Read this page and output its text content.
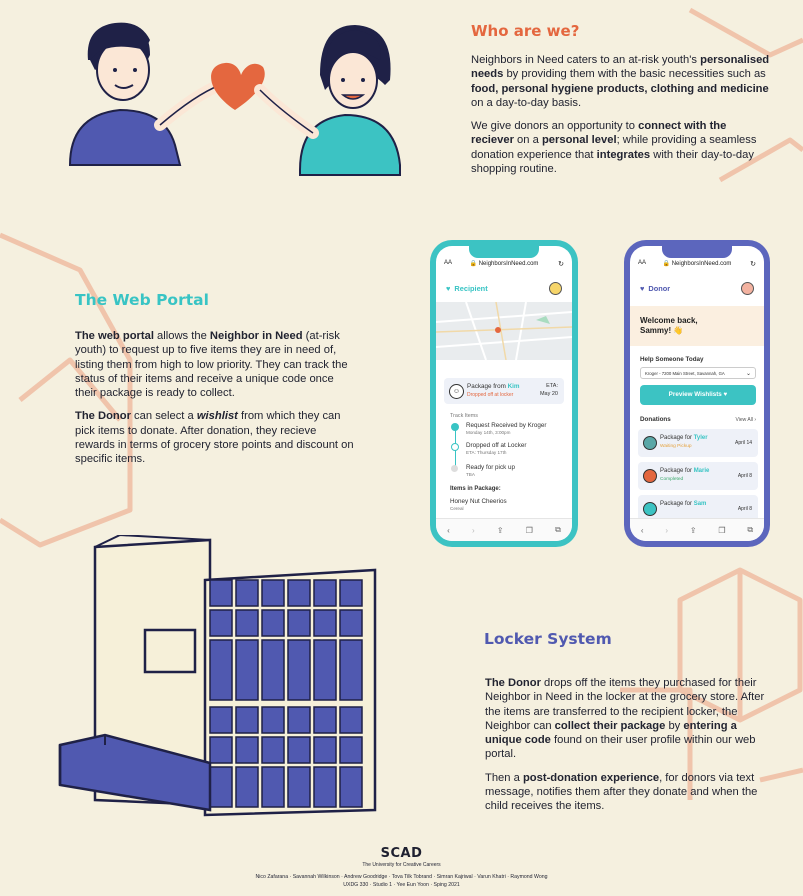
Who are we?

Neighbors in Need caters to an at-risk youth's personalised needs by providing them with the basic necessities such as food, personal hygiene products, clothing and medicine on a day-to-day basis.

We give donors an opportunity to connect with the reciever on a personal level; while providing a seamless donation experience that integrates with their day-to-day shopping routine.

The Web Portal

The web portal allows the Neighbor in Need (at-risk youth) to request up to five items they are in need of, listing them from high to low priority. They can track the status of their items and receive a unique code once their package is ready to collect.

The Donor can select a wishlist from which they can pick items to donate. After donation, they recieve rewards in terms of grocery store points and discount on specific items.

AA	🔒 NeighborsInNeed.com	↻
♥ Recipient
☺
Package from Kim
Dropped off at locker
ETA:
May 20
Track Items
Request Received by Kroger
Monday 14th, 3:00pm
Dropped off at Locker
ETA: Thursday 17th
Ready for pick up
TBA
Items in Package:
Honey Nut Cheerios
Cereal
‹	›	⇪	❐	⧉
AA	🔒 NeighborsInNeed.com	↻
♥ Donor
Welcome back, Sammy! 👋
Help Someone Today
Kroger - 7200 Main Street, Savannah, GA	⌄
Preview Wishlists ♥
Donations	View All ›
Package for Tyler
Waiting Pickup
April 14
Package for Marie
Completed
April 8
Package for Sam
April 8
‹	›	⇪	❐	⧉
Locker System

The Donor drops off the items they purchased for their Neighbor in Need in the locker at the grocery store. After the items are transferred to the recipient locker, the Neighbor can collect their package by entering a unique code found on their user profile within our web portal.

Then a post-donation experience, for donors via text message, notifies them after they donate and when the child receives the items.

SCAD
The University for Creative Careers
Nico Zafarana · Savannah Wilkinson · Andrew Goodridge · Tova Tilk Tobrand · Simran Kajriwal · Varun Khatri · Raymond Wong
UXDG 330 · Studio 1 · Yee Eun Yoon · Sping 2021
